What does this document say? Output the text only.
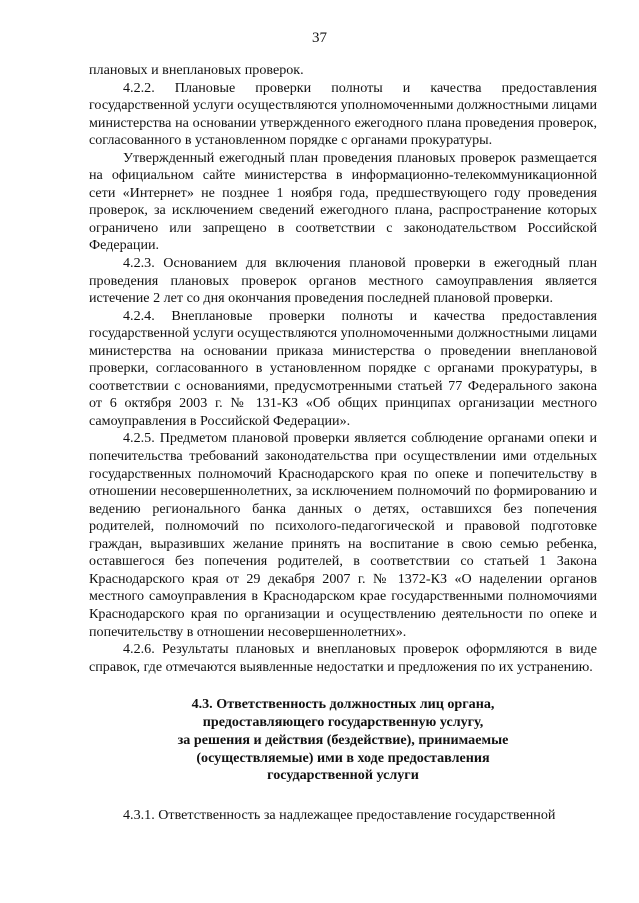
37

плановых и внеплановых проверок.

4.2.2. Плановые проверки полноты и качества предоставления государственной услуги осуществляются уполномоченными должностными лицами министерства на основании утвержденного ежегодного плана проведения проверок, согласованного в установленном порядке с органами прокуратуры.

Утвержденный ежегодный план проведения плановых проверок размещается на официальном сайте министерства в информационно-телекоммуникационной сети «Интернет» не позднее 1 ноября года, предшествующего году проведения проверок, за исключением сведений ежегодного плана, распространение которых ограничено или запрещено в соответствии с законодательством Российской Федерации.

4.2.3. Основанием для включения плановой проверки в ежегодный план проведения плановых проверок органов местного самоуправления является истечение 2 лет со дня окончания проведения последней плановой проверки.

4.2.4. Внеплановые проверки полноты и качества предоставления государственной услуги осуществляются уполномоченными должностными лицами министерства на основании приказа министерства о проведении внеплановой проверки, согласованного в установленном порядке с органами прокуратуры, в соответствии с основаниями, предусмотренными статьей 77 Федерального закона от 6 октября 2003 г. № 131-КЗ «Об общих принципах организации местного самоуправления в Российской Федерации».

4.2.5. Предметом плановой проверки является соблюдение органами опеки и попечительства требований законодательства при осуществлении ими отдельных государственных полномочий Краснодарского края по опеке и попечительству в отношении несовершеннолетних, за исключением полномочий по формированию и ведению регионального банка данных о детях, оставшихся без попечения родителей, полномочий по психолого-педагогической и правовой подготовке граждан, выразивших желание принять на воспитание в свою семью ребенка, оставшегося без попечения родителей, в соответствии со статьей 1 Закона Краснодарского края от 29 декабря 2007 г. № 1372-КЗ «О наделении органов местного самоуправления в Краснодарском крае государственными полномочиями Краснодарского края по организации и осуществлению деятельности по опеке и попечительству в отношении несовершеннолетних».

4.2.6. Результаты плановых и внеплановых проверок оформляются в виде справок, где отмечаются выявленные недостатки и предложения по их устранению.

4.3. Ответственность должностных лиц органа,
предоставляющего государственную услугу,
за решения и действия (бездействие), принимаемые
(осуществляемые) ими в ходе предоставления
государственной услуги

4.3.1. Ответственность за надлежащее предоставление государственной
